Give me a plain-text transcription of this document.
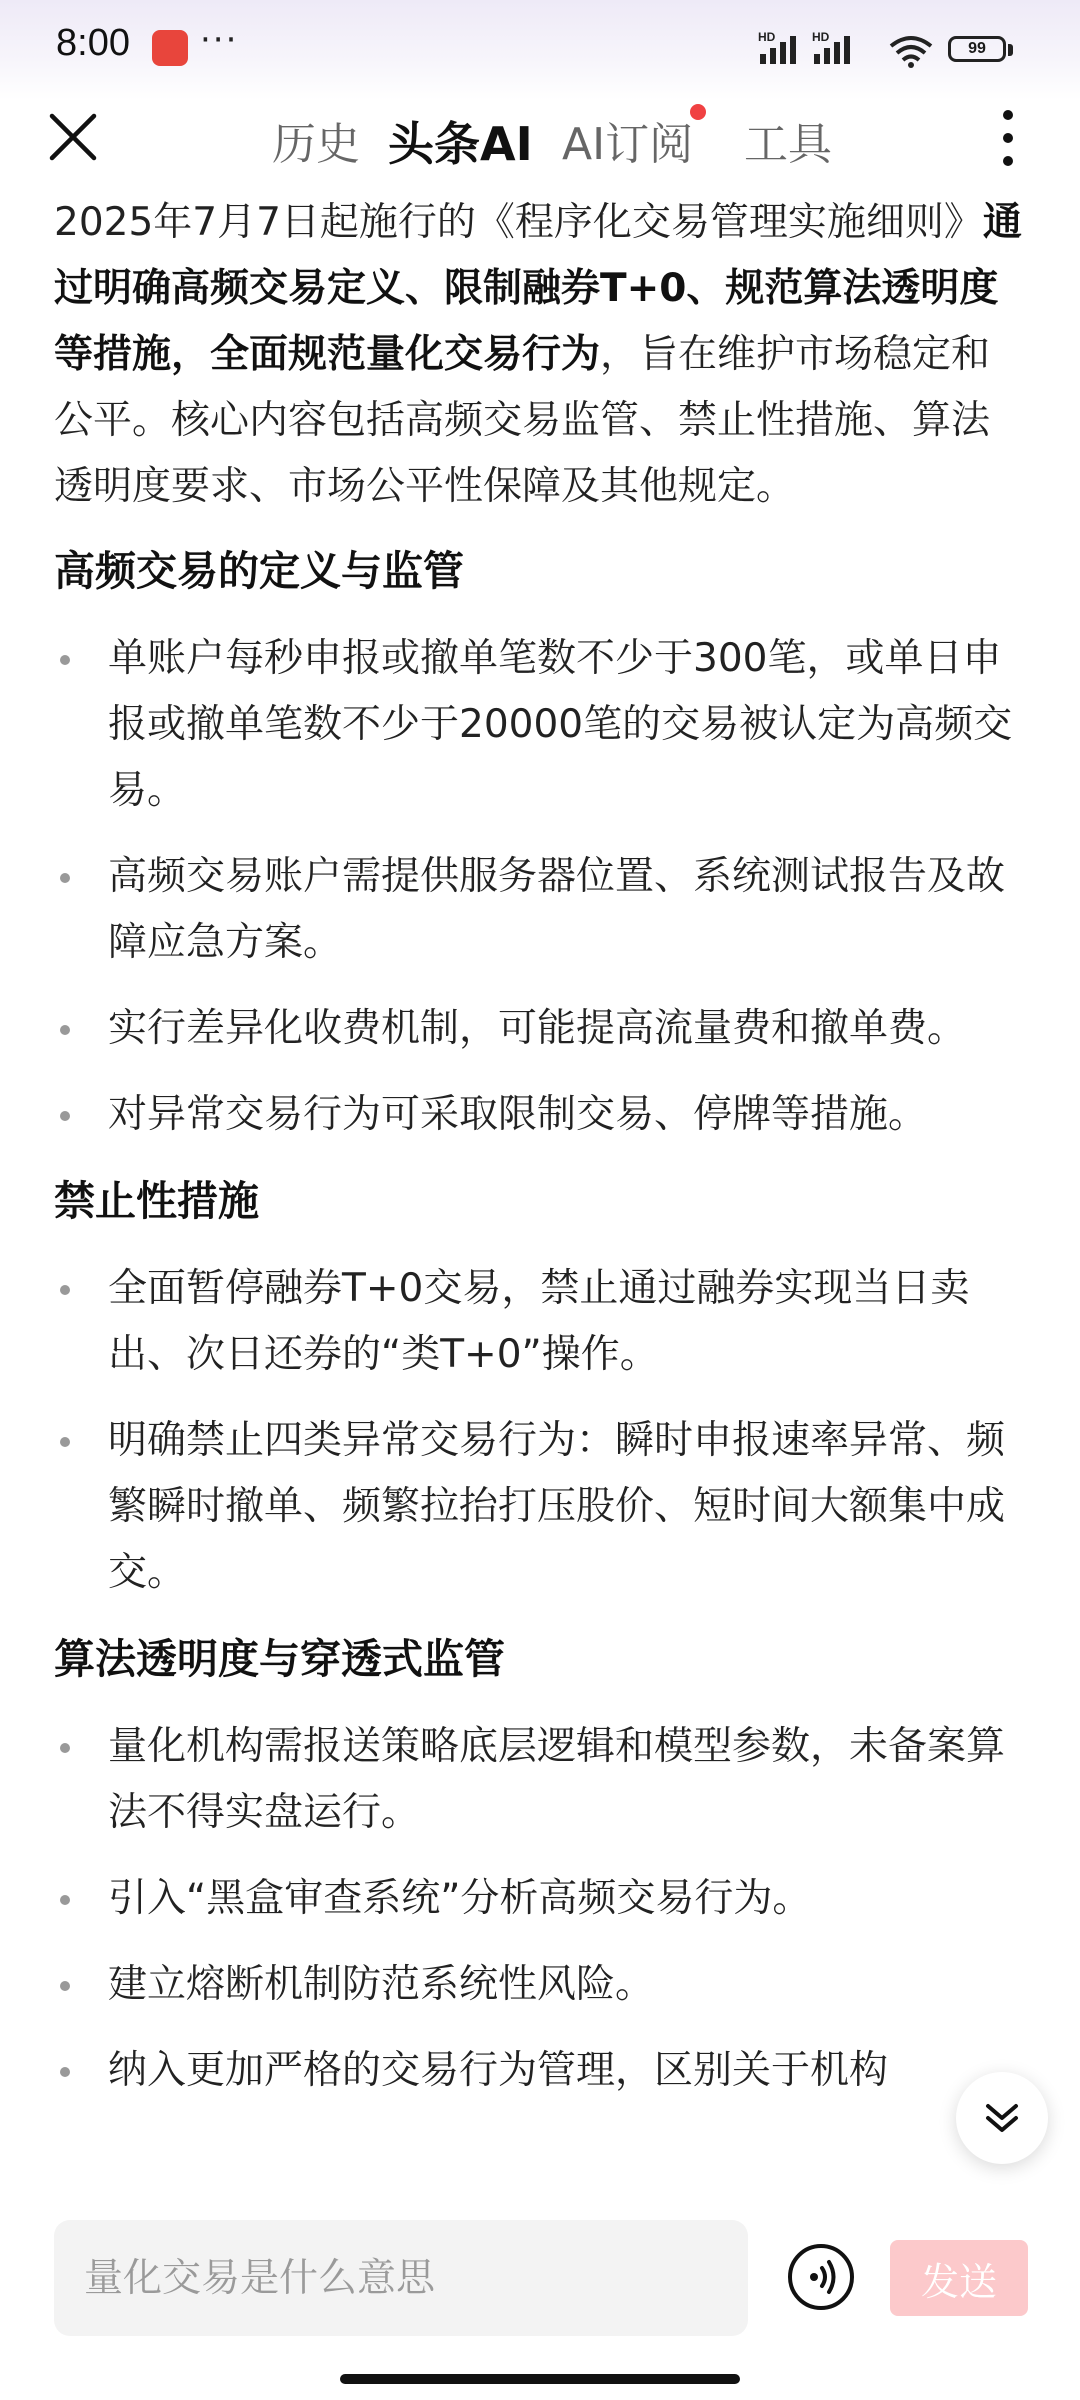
8:00 ···	HD	HD
99
历史 头条AI AI订阅 工具

2025年7月7日起施行的《程序化交易管理实施细则》通过明确高频交易定义、限制融券T+0、规范算法透明度等措施，全面规范量化交易行为，旨在维护市场稳定和公平。核心内容包括高频交易监管、禁止性措施、算法透明度要求、市场公平性保障及其他规定。

高频交易的定义与监管
单账户每秒申报或撤单笔数不少于300笔，或单日申报或撤单笔数不少于20000笔的交易被认定为高频交易。
高频交易账户需提供服务器位置、系统测试报告及故障应急方案。
实行差异化收费机制，可能提高流量费和撤单费。
对异常交易行为可采取限制交易、停牌等措施。
禁止性措施
全面暂停融券T+0交易，禁止通过融券实现当日卖出、次日还券的“类T+0”操作。
明确禁止四类异常交易行为：瞬时申报速率异常、频繁瞬时撤单、频繁拉抬打压股价、短时间大额集中成交。
算法透明度与穿透式监管
量化机构需报送策略底层逻辑和模型参数，未备案算法不得实盘运行。
引入“黑盒审查系统”分析高频交易行为。
建立熔断机制防范系统性风险。
纳入更加严格的交易行为管理，区别关于机构
量化交易是什么意思
发送
